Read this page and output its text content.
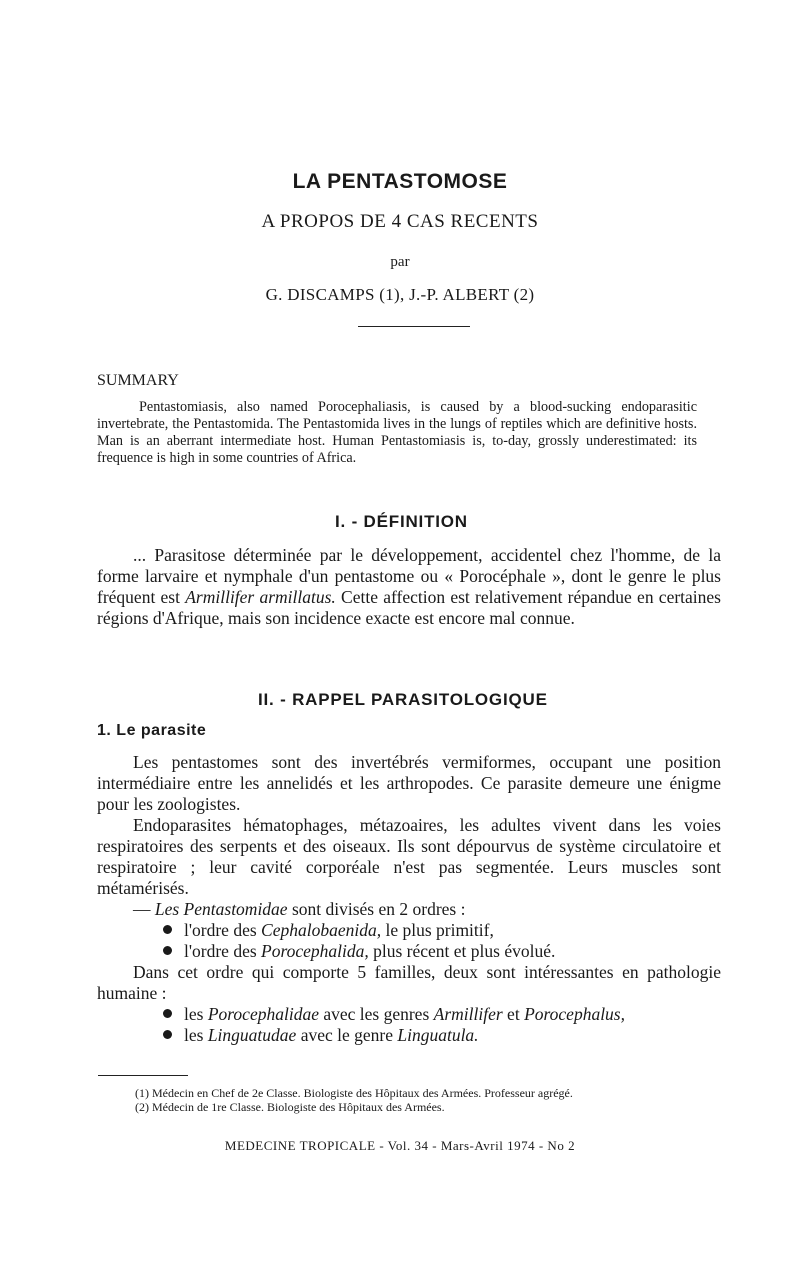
LA PENTASTOMOSE
A PROPOS DE 4 CAS RECENTS
par
G. DISCAMPS (1), J.-P. ALBERT (2)
SUMMARY

Pentastomiasis, also named Porocephaliasis, is caused by a blood-sucking endoparasitic invertebrate, the Pentastomida. The Pentastomida lives in the lungs of reptiles which are definitive hosts. Man is an aberrant intermediate host. Human Pentastomiasis is, to-day, grossly underestimated: its frequence is high in some countries of Africa.

I. - DÉFINITION

... Parasitose déterminée par le développement, accidentel chez l'homme, de la forme larvaire et nymphale d'un pentastome ou « Porocéphale », dont le genre le plus fréquent est Armillifer armillatus. Cette affection est relativement répandue en certaines régions d'Afrique, mais son incidence exacte est encore mal connue.

II. - RAPPEL PARASITOLOGIQUE
1. Le parasite

Les pentastomes sont des invertébrés vermiformes, occupant une position intermédiaire entre les annelidés et les arthropodes. Ce parasite demeure une énigme pour les zoologistes.

Endoparasites hématophages, métazoaires, les adultes vivent dans les voies respiratoires des serpents et des oiseaux. Ils sont dépourvus de système circulatoire et respiratoire ; leur cavité corporéale n'est pas segmentée. Leurs muscles sont métamérisés.

— Les Pentastomidae sont divisés en 2 ordres :

l'ordre des Cephalobaenida, le plus primitif,

l'ordre des Porocephalida, plus récent et plus évolué.

Dans cet ordre qui comporte 5 familles, deux sont intéressantes en pathologie humaine :

les Porocephalidae avec les genres Armillifer et Porocephalus,

les Linguatudae avec le genre Linguatula.

(1) Médecin en Chef de 2e Classe. Biologiste des Hôpitaux des Armées. Professeur agrégé.
(2) Médecin de 1re Classe. Biologiste des Hôpitaux des Armées.
MEDECINE TROPICALE - Vol. 34 - Mars-Avril 1974 - No 2
